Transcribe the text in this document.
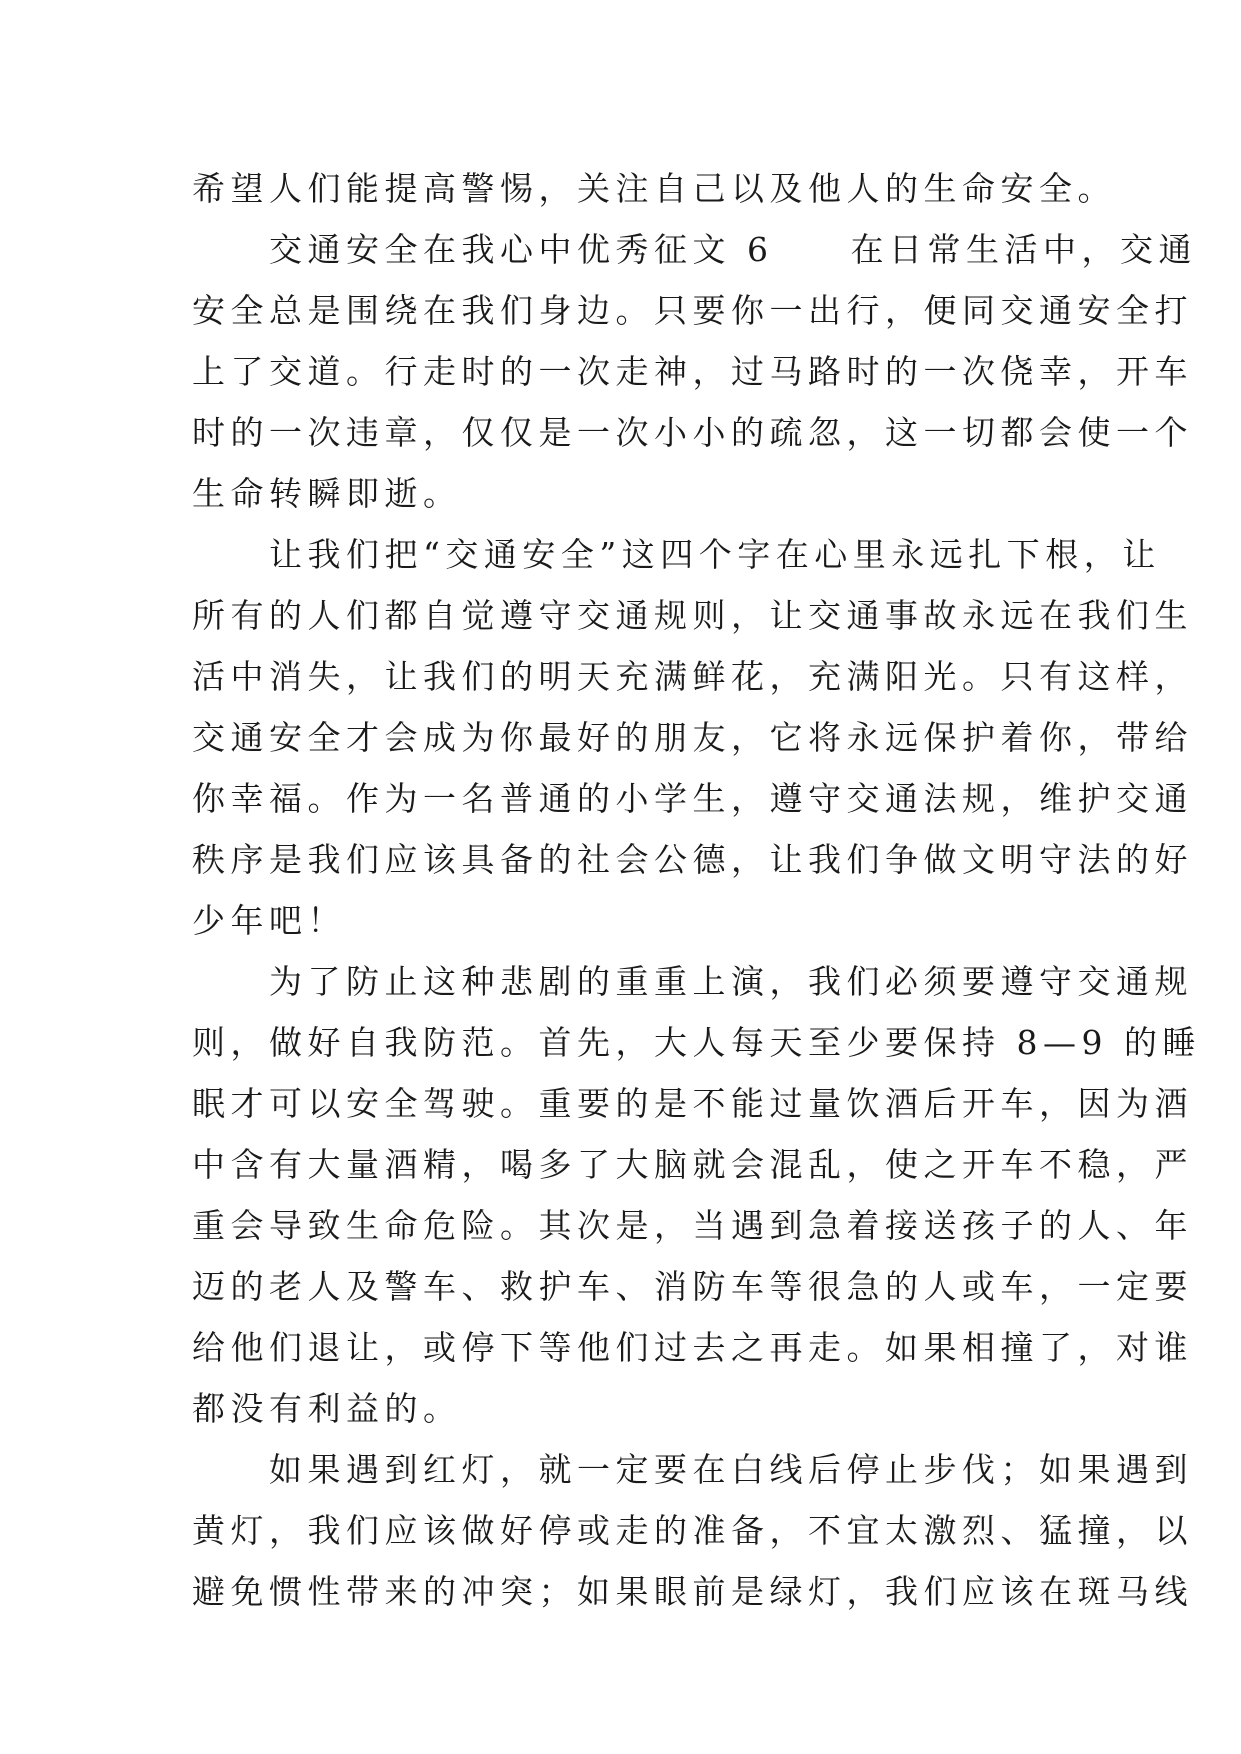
希望人们能提高警惕，关注自己以及他人的生命安全。
　　交通安全在我心中优秀征文 6　　在日常生活中，交通
安全总是围绕在我们身边。只要你一出行，便同交通安全打
上了交道。行走时的一次走神，过马路时的一次侥幸，开车
时的一次违章，仅仅是一次小小的疏忽，这一切都会使一个
生命转瞬即逝。
　　让我们把“交通安全”这四个字在心里永远扎下根，让
所有的人们都自觉遵守交通规则，让交通事故永远在我们生
活中消失，让我们的明天充满鲜花，充满阳光。只有这样，
交通安全才会成为你最好的朋友，它将永远保护着你，带给
你幸福。作为一名普通的小学生，遵守交通法规，维护交通
秩序是我们应该具备的社会公德，让我们争做文明守法的好
少年吧！
　　为了防止这种悲剧的重重上演，我们必须要遵守交通规
则，做好自我防范。首先，大人每天至少要保持 8—9 的睡
眠才可以安全驾驶。重要的是不能过量饮酒后开车，因为酒
中含有大量酒精，喝多了大脑就会混乱，使之开车不稳，严
重会导致生命危险。其次是，当遇到急着接送孩子的人、年
迈的老人及警车、救护车、消防车等很急的人或车，一定要
给他们退让，或停下等他们过去之再走。如果相撞了，对谁
都没有利益的。
　　如果遇到红灯，就一定要在白线后停止步伐；如果遇到
黄灯，我们应该做好停或走的准备，不宜太激烈、猛撞，以
避免惯性带来的冲突；如果眼前是绿灯，我们应该在斑马线
